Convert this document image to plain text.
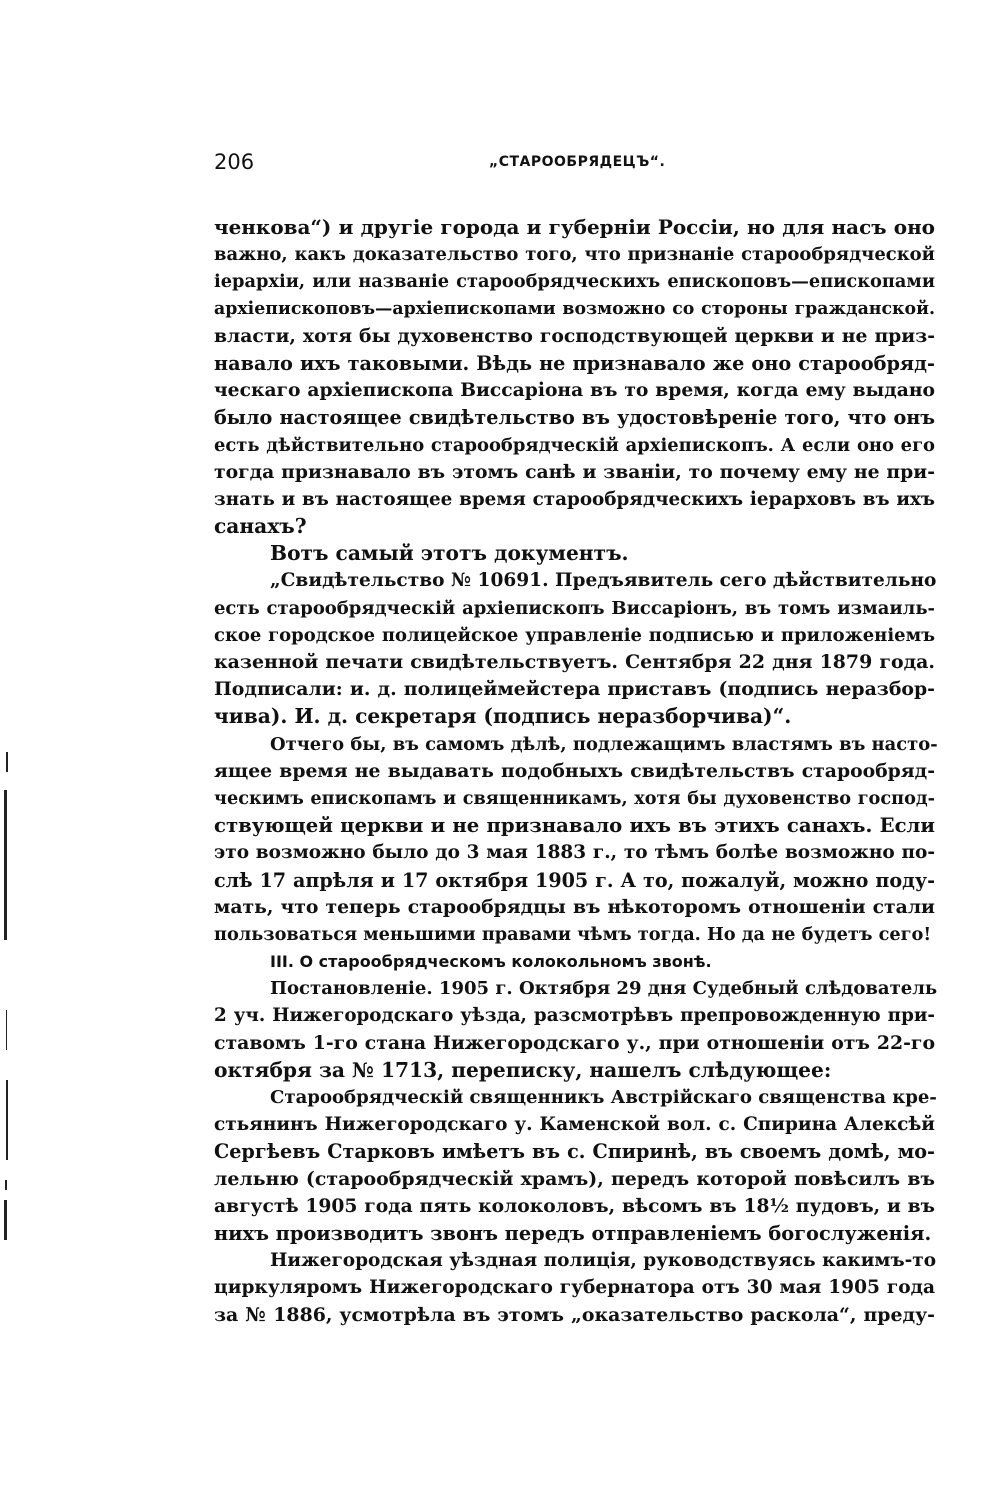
206	„СТАРООБРЯДЕЦЪ“.
ченкова“) и другіе города и губерніи Россіи, но для насъ оно
важно, какъ доказательство того, что признаніе старообрядческой
іерархіи, или названіе старообрядческихъ епископовъ—епископами
архіепископовъ—архіепископами возможно со стороны гражданской.
власти, хотя бы духовенство господствующей церкви и не приз-
навало ихъ таковыми. Вѣдь не признавало же оно старообряд-
ческаго архіепископа Виссаріона въ то время, когда ему выдано
было настоящее свидѣтельство въ удостовѣреніе того, что онъ
есть дѣйствительно старообрядческій архіепископъ. А если оно его
тогда признавало въ этомъ санѣ и званіи, то почему ему не при-
знать и въ настоящее время старообрядческихъ іерарховъ въ ихъ
санахъ?
Вотъ самый этотъ документъ.
„Свидѣтельство № 10691. Предъявитель сего дѣйствительно
есть старообрядческій архіепископъ Виссаріонъ, въ томъ измаиль-
ское городское полицейское управленіе подписью и приложеніемъ
казенной печати свидѣтельствуетъ. Сентября 22 дня 1879 года.
Подписали: и. д. полицеймейстера приставъ (подпись неразбор-
чива). И. д. секретаря (подпись неразборчива)“.
Отчего бы, въ самомъ дѣлѣ, подлежащимъ властямъ въ насто-
ящее время не выдавать подобныхъ свидѣтельствъ старообряд-
ческимъ епископамъ и священникамъ, хотя бы духовенство господ-
ствующей церкви и не признавало ихъ въ этихъ санахъ. Если
это возможно было до 3 мая 1883 г., то тѣмъ болѣе возможно по-
слѣ 17 апрѣля и 17 октября 1905 г. А то, пожалуй, можно поду-
мать, что теперь старообрядцы въ нѣкоторомъ отношеніи стали
пользоваться меньшими правами чѣмъ тогда. Но да не будетъ сего!
III. О старообрядческомъ колокольномъ звонѣ.
Постановленіе. 1905 г. Октября 29 дня Судебный слѣдователь
2 уч. Нижегородскаго уѣзда, разсмотрѣвъ препровожденную при-
ставомъ 1-го стана Нижегородскаго у., при отношеніи отъ 22-го
октября за № 1713, переписку, нашелъ слѣдующее:
Старообрядческій священникъ Австрійскаго священства кре-
стьянинъ Нижегородскаго у. Каменской вол. с. Спирина Алексѣй
Сергѣевъ Старковъ имѣетъ въ с. Спиринѣ, въ своемъ домѣ, мо-
лельню (старообрядческій храмъ), передъ которой повѣсилъ въ
августѣ 1905 года пять колоколовъ, вѣсомъ въ 18½ пудовъ, и въ
нихъ производитъ звонъ передъ отправленіемъ богослуженія.
Нижегородская уѣздная полиція, руководствуясь какимъ-то
циркуляромъ Нижегородскаго губернатора отъ 30 мая 1905 года
за № 1886, усмотрѣла въ этомъ „оказательство раскола“, преду-
